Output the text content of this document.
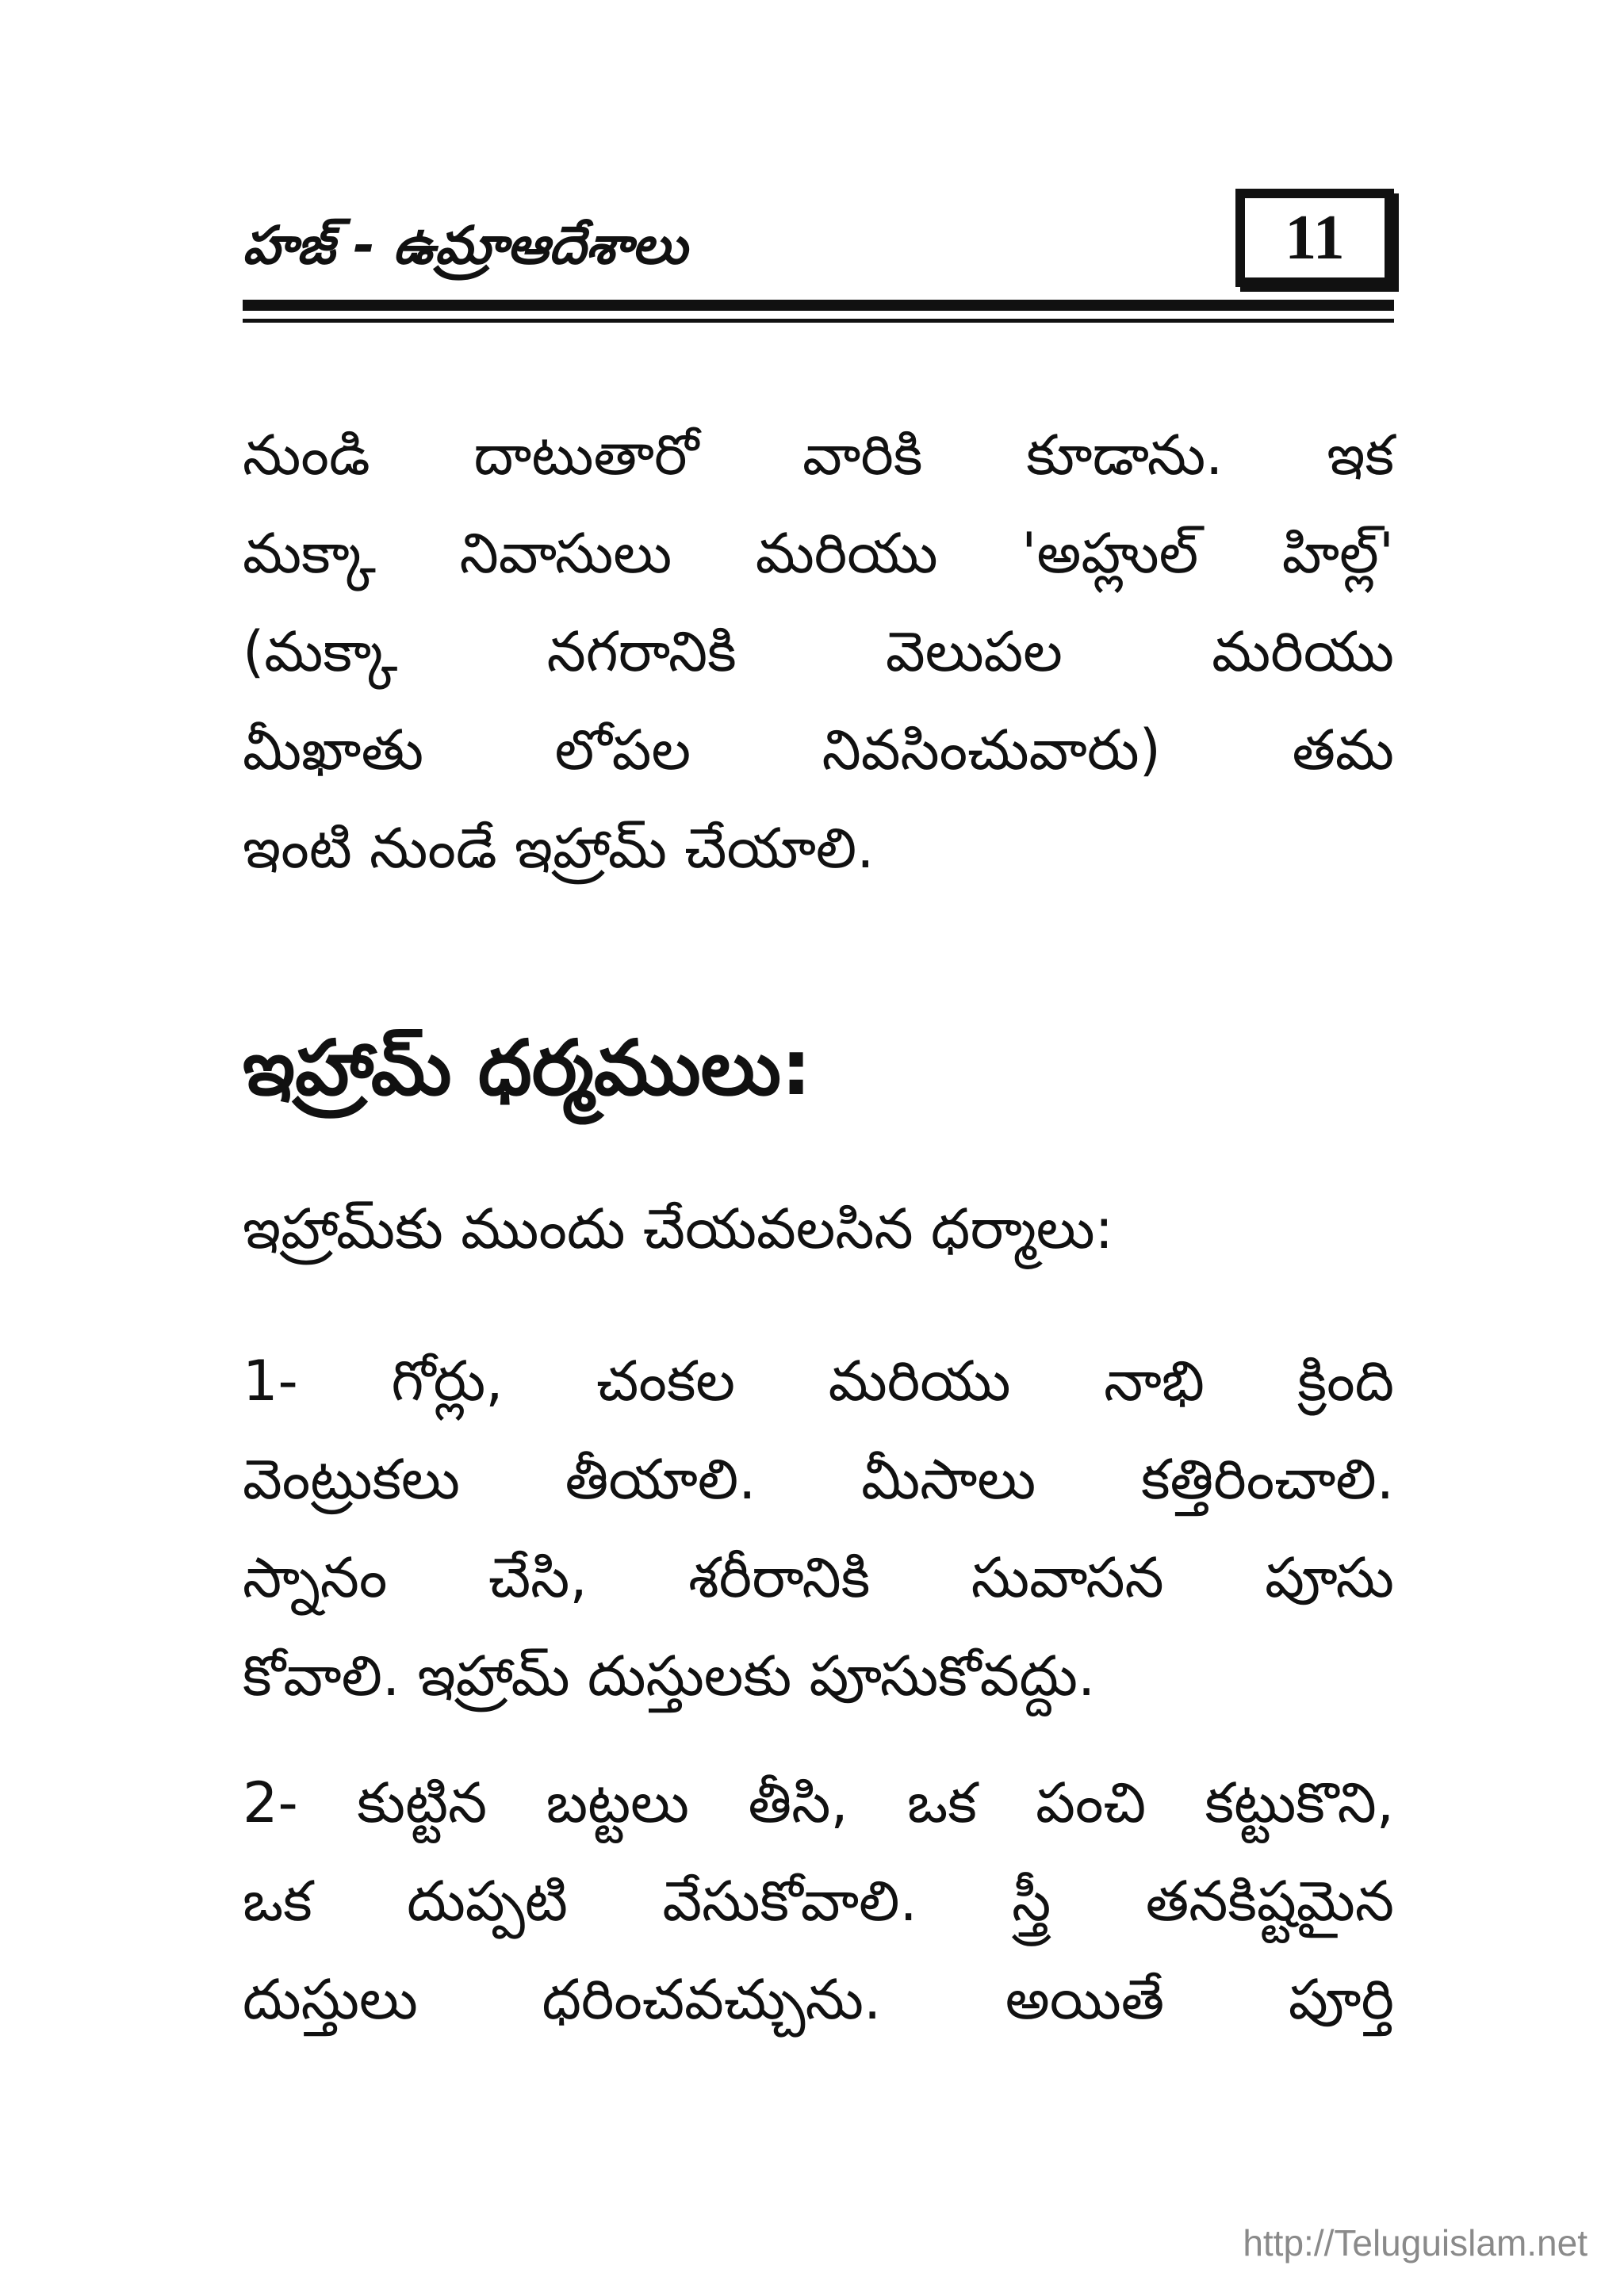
హజ్ - ఉమ్రాఆదేశాలు	11
నుండి దాటుతారో వారికి కూడాను. ఇక
మక్కా నివాసులు మరియు 'అహ్లుల్ హిల్ల్'
(మక్కా నగరానికి వెలుపల మరియు
మీఖాతు లోపల నివసించువారు) తమ
ఇంటి నుండే ఇహ్రామ్ చేయాలి.
ఇహ్రామ్ ధర్మములు:
ఇహ్రామ్‌కు ముందు చేయవలసిన ధర్మాలు:
1- గోర్లు, చంకల మరియు నాభి క్రింది
వెంట్రుకలు తీయాలి. మీసాలు కత్తిరించాలి.
స్నానం చేసి, శరీరానికి సువాసన పూసు
కోవాలి. ఇహ్రామ్ దుస్తులకు పూసుకోవద్దు.
2- కుట్టిన బట్టలు తీసి, ఒక పంచి కట్టుకొని,
ఒక దుప్పటి వేసుకోవాలి. స్త్రీ తనకిష్టమైన
దుస్తులు ధరించవచ్చును. అయితే పూర్తి
http://Teluguislam.net
